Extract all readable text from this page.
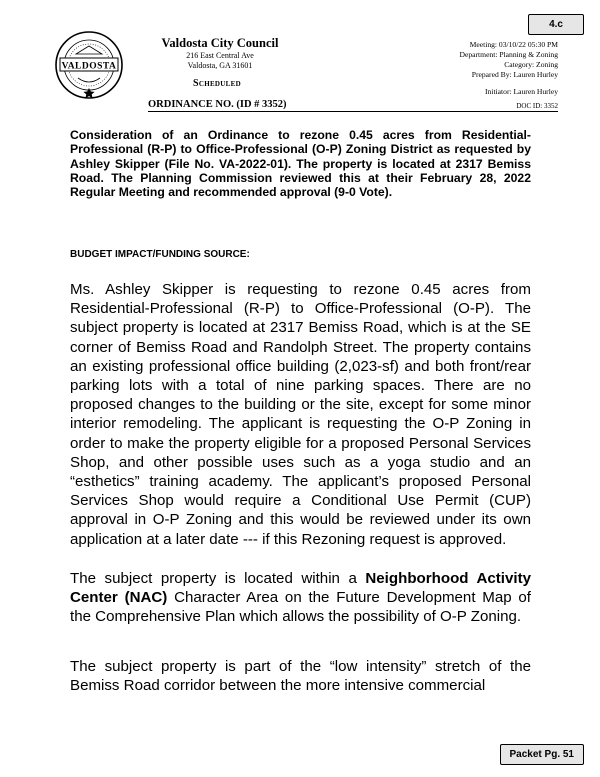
4.c
VALDOSTA
Valdosta City Council
216 East Central Ave
Valdosta, GA 31601
Scheduled
Meeting: 03/10/22 05:30 PM
Department: Planning & Zoning
Category: Zoning
Prepared By: Lauren Hurley
Initiator: Lauren Hurley
ORDINANCE NO. (ID # 3352)	DOC ID: 3352
Consideration of an Ordinance to rezone 0.45 acres from Residential-Professional (R-P) to Office-Professional (O-P) Zoning District as requested by Ashley Skipper (File No. VA-2022-01). The property is located at 2317 Bemiss Road. The Planning Commission reviewed this at their February 28, 2022 Regular Meeting and recommended approval (9-0 Vote).
BUDGET IMPACT/FUNDING SOURCE:
Ms. Ashley Skipper is requesting to rezone 0.45 acres from Residential-Professional (R-P) to Office-Professional (O-P). The subject property is located at 2317 Bemiss Road, which is at the SE corner of Bemiss Road and Randolph Street. The property contains an existing professional office building (2,023-sf) and both front/rear parking lots with a total of nine parking spaces. There are no proposed changes to the building or the site, except for some minor interior remodeling. The applicant is requesting the O-P Zoning in order to make the property eligible for a proposed Personal Services Shop, and other possible uses such as a yoga studio and an “esthetics” training academy. The applicant’s proposed Personal Services Shop would require a Conditional Use Permit (CUP) approval in O-P Zoning and this would be reviewed under its own application at a later date --- if this Rezoning request is approved.
The subject property is located within a Neighborhood Activity Center (NAC) Character Area on the Future Development Map of the Comprehensive Plan which allows the possibility of O-P Zoning.
The subject property is part of the “low intensity” stretch of the Bemiss Road corridor between the more intensive commercial
Packet Pg. 51
